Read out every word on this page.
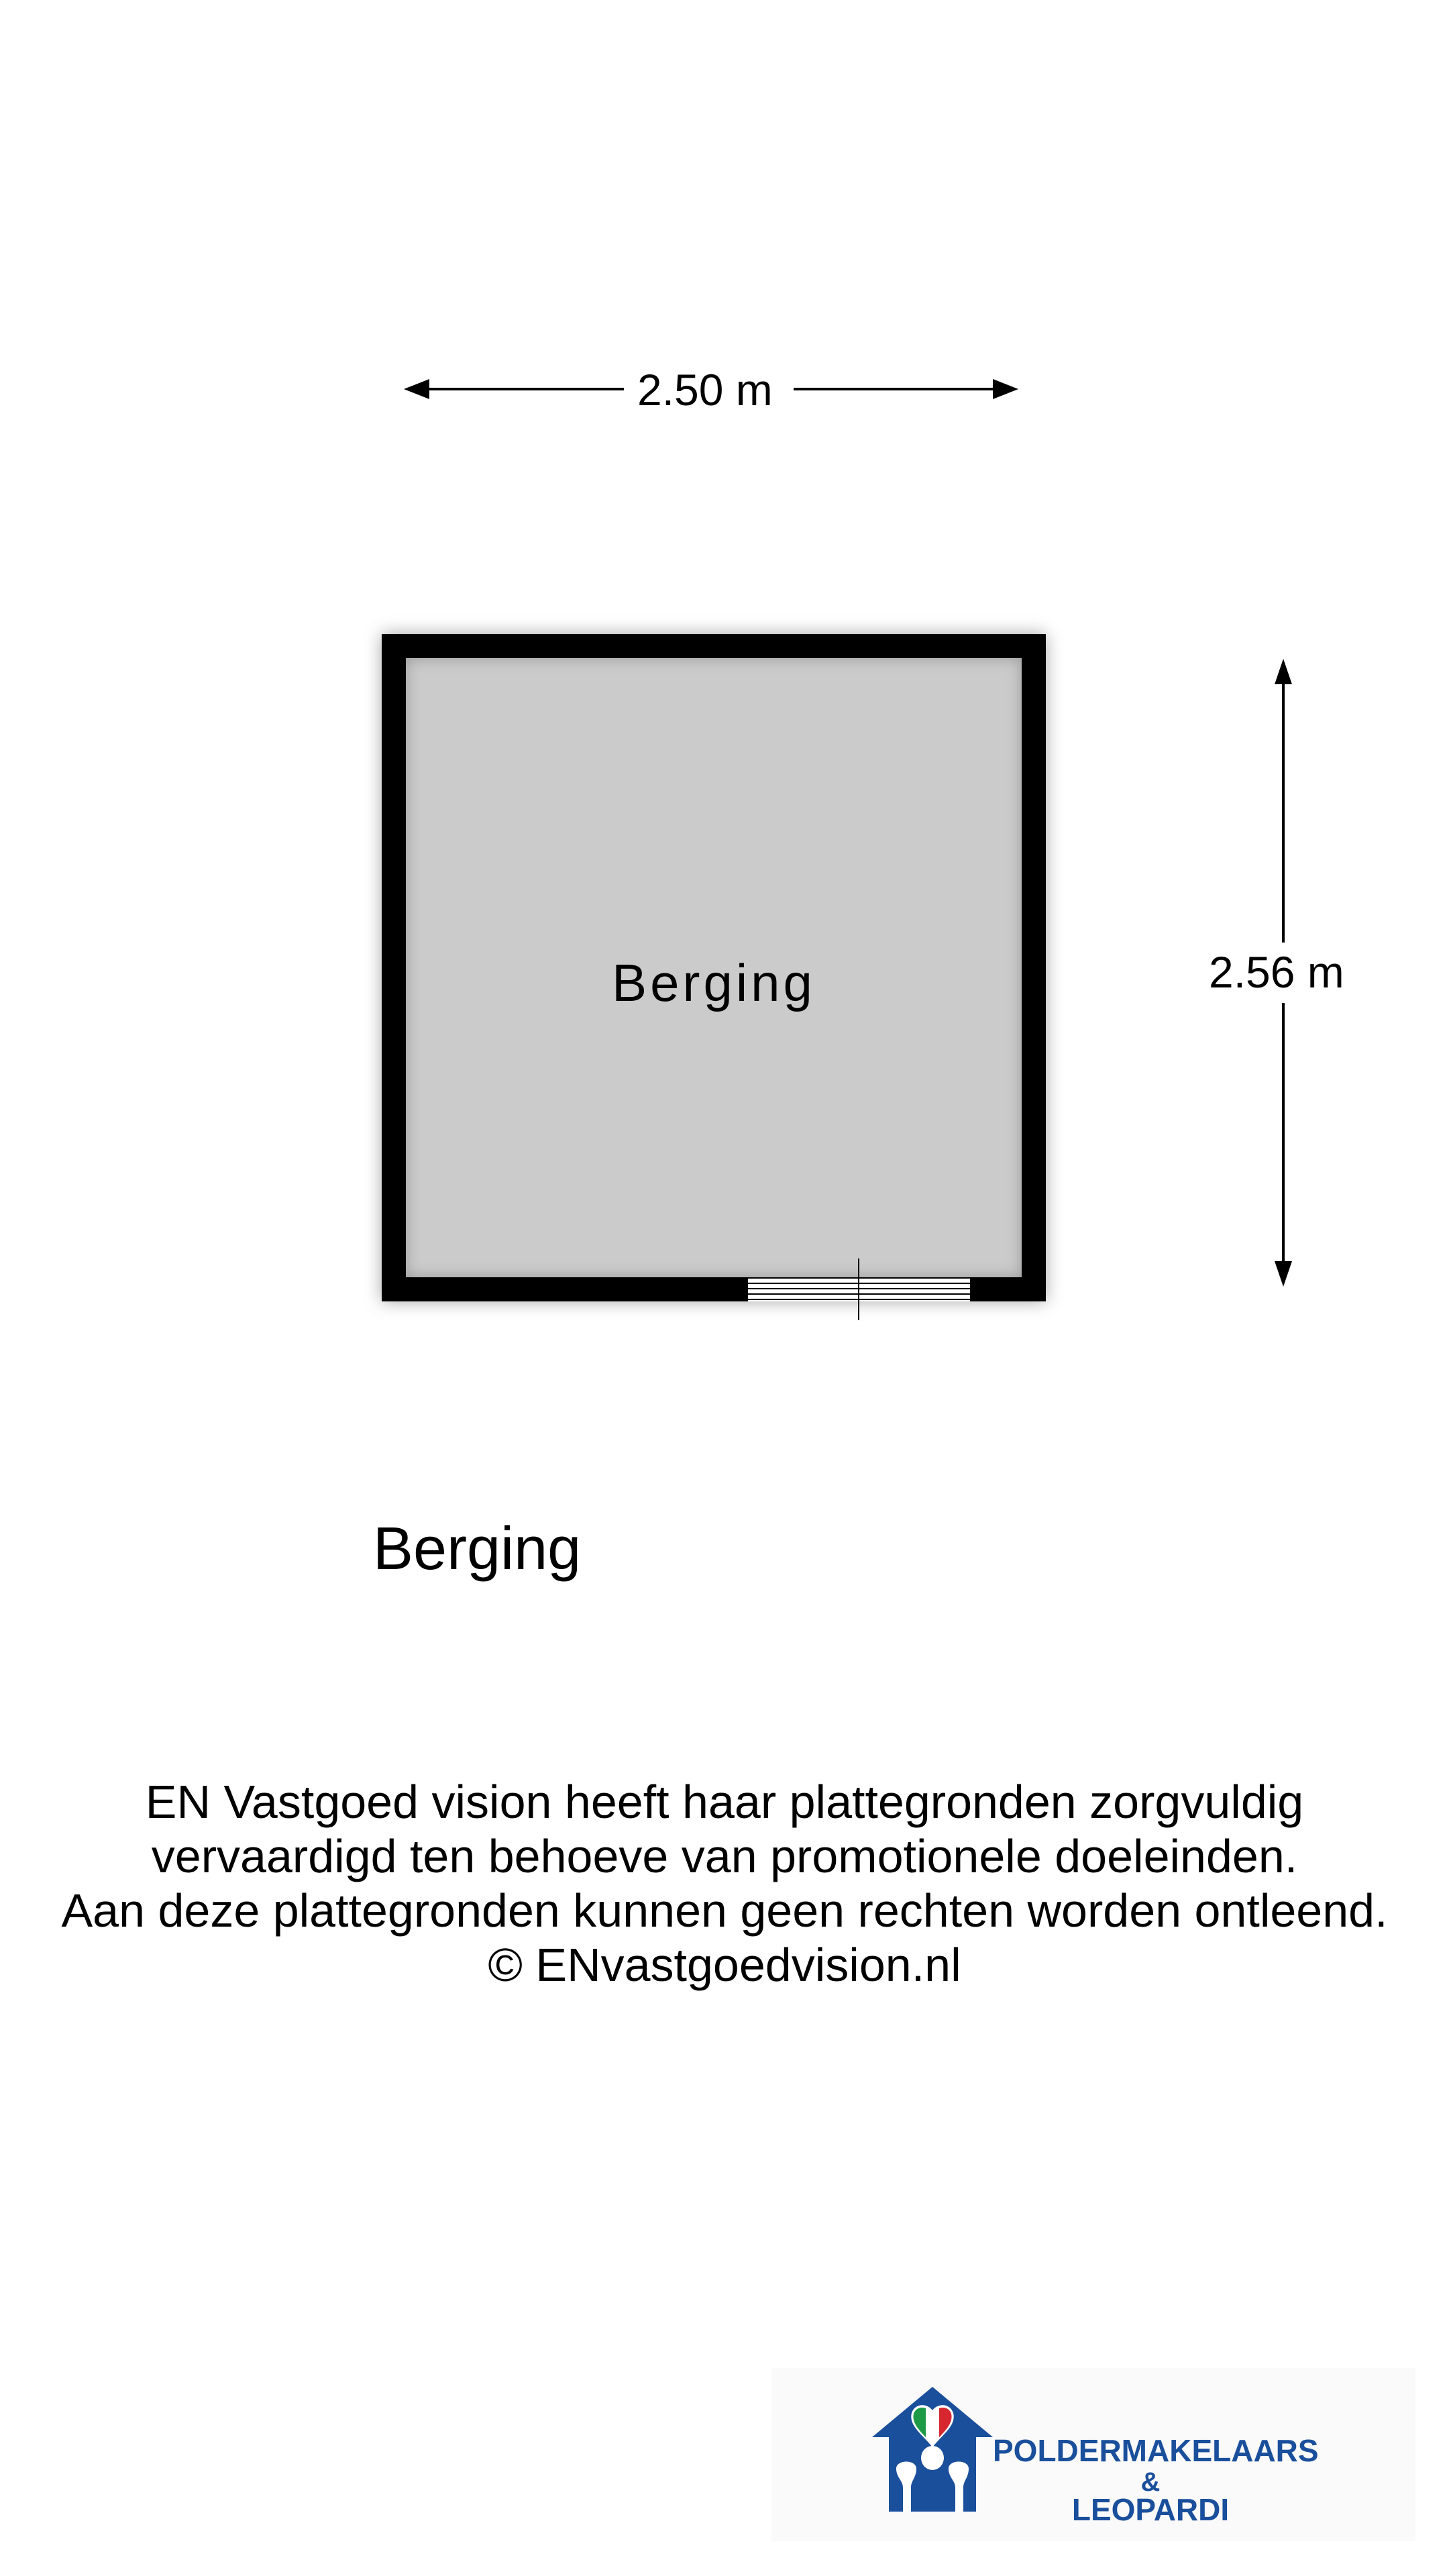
2.50 m
2.56 m
Berging
Berging
EN Vastgoed vision heeft haar plattegronden zorgvuldig
vervaardigd ten behoeve van promotionele doeleinden.
Aan deze plattegronden kunnen geen rechten worden ontleend.
© ENvastgoedvision.nl
POLDERMAKELAARS
&
LEOPARDI
